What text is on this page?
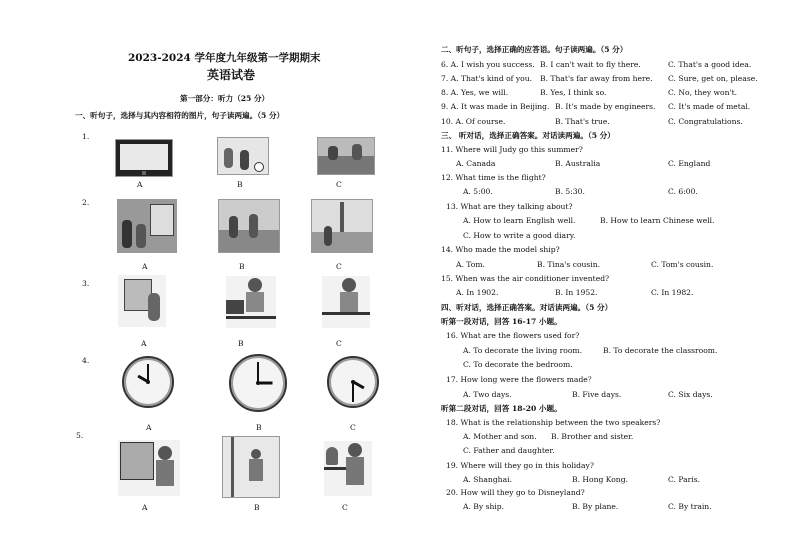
2023-2024 学年度九年级第一学期期末
英语试卷
第一部分：听力（25 分）
一、听句子，选择与其内容相符的图片，句子读两遍。（5 分）
1.
A	B	C
2.
A	B	C
3.
A	B	C
4.
A	B	C
5.
A	B	C
二、听句子，选择正确的应答语。句子读两遍。（5 分）
6. A. I wish you success. B. I can't wait to fly there.	C. That's a good idea.
7. A. That's kind of you. B. That's far away from here. C. Sure, get on, please.
8. A. Yes, we will.	B. Yes, I think so.	C. No, they won't.
9. A. It was made in Beijing. B. It's made by engineers. C. It's made of metal.
10. A. Of course.	B. That's true.	C. Congratulations.
三、 听对话，选择正确答案。对话读两遍。（5 分）
11. Where will Judy go this summer?
A. Canada	B. Australia	C. England
12. What time is the flight?
A. 5:00.	B. 5:30.	C. 6:00.
13. What are they talking about?
A. How to learn English well.	B. How to learn Chinese well.
C. How to write a good diary.
14. Who made the model ship?
A. Tom.	B. Tina's cousin.	C. Tom's cousin.
15. When was the air conditioner invented?
A. In 1902.	B. In 1952.	C. In 1982.
四、听对话，选择正确答案。对话读两遍。（5 分）
听第一段对话，回答 16-17 小题。
16. What are the flowers used for?
A. To decorate the living room.	B. To decorate the classroom.
C. To decorate the bedroom.
17. How long were the flowers made？
A. Two days.	B. Five days.	C. Six days.
听第二段对话，回答 18-20 小题。
18. What is the relationship between the two speakers?
A. Mother and son. B. Brother and sister.
C. Father and daughter.
19. Where will they go in this holiday?
A. Shanghai.	B. Hong Kong.	C. Paris.
20. How will they go to Disneyland?
A. By ship.	B. By plane.	C. By train.
